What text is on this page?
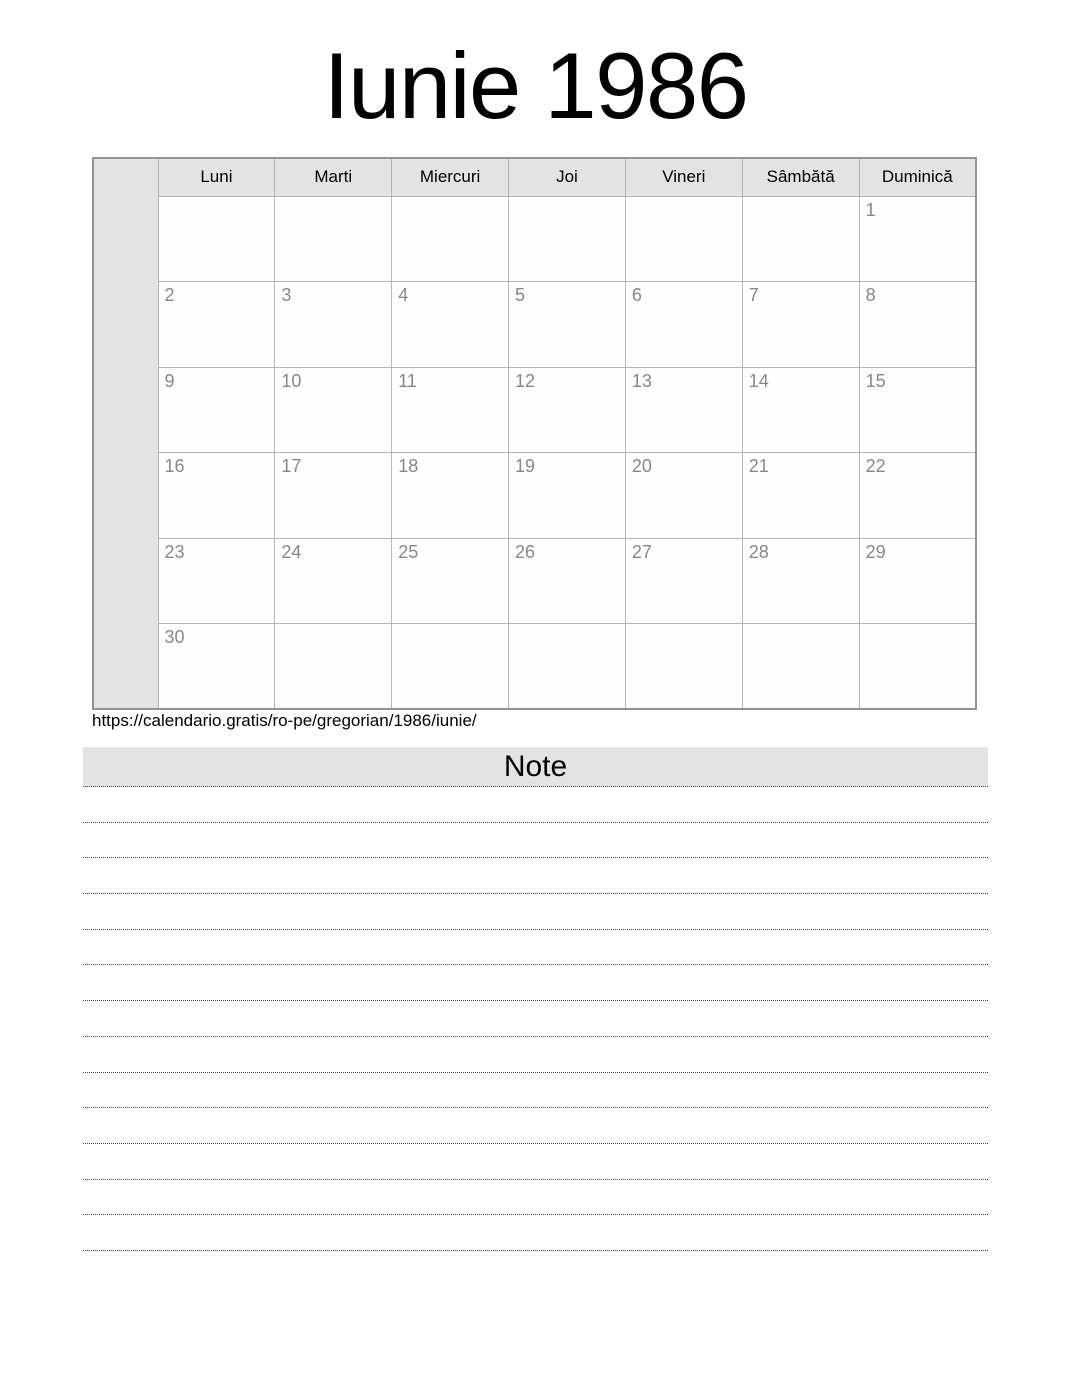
Iunie 1986
	Luni	Marti	Miercuri	Joi	Vineri	Sâmbătă	Duminică
							1
	2	3	4	5	6	7	8
	9	10	11	12	13	14	15
	16	17	18	19	20	21	22
	23	24	25	26	27	28	29
	30						
https://calendario.gratis/ro-pe/gregorian/1986/iunie/
Note
